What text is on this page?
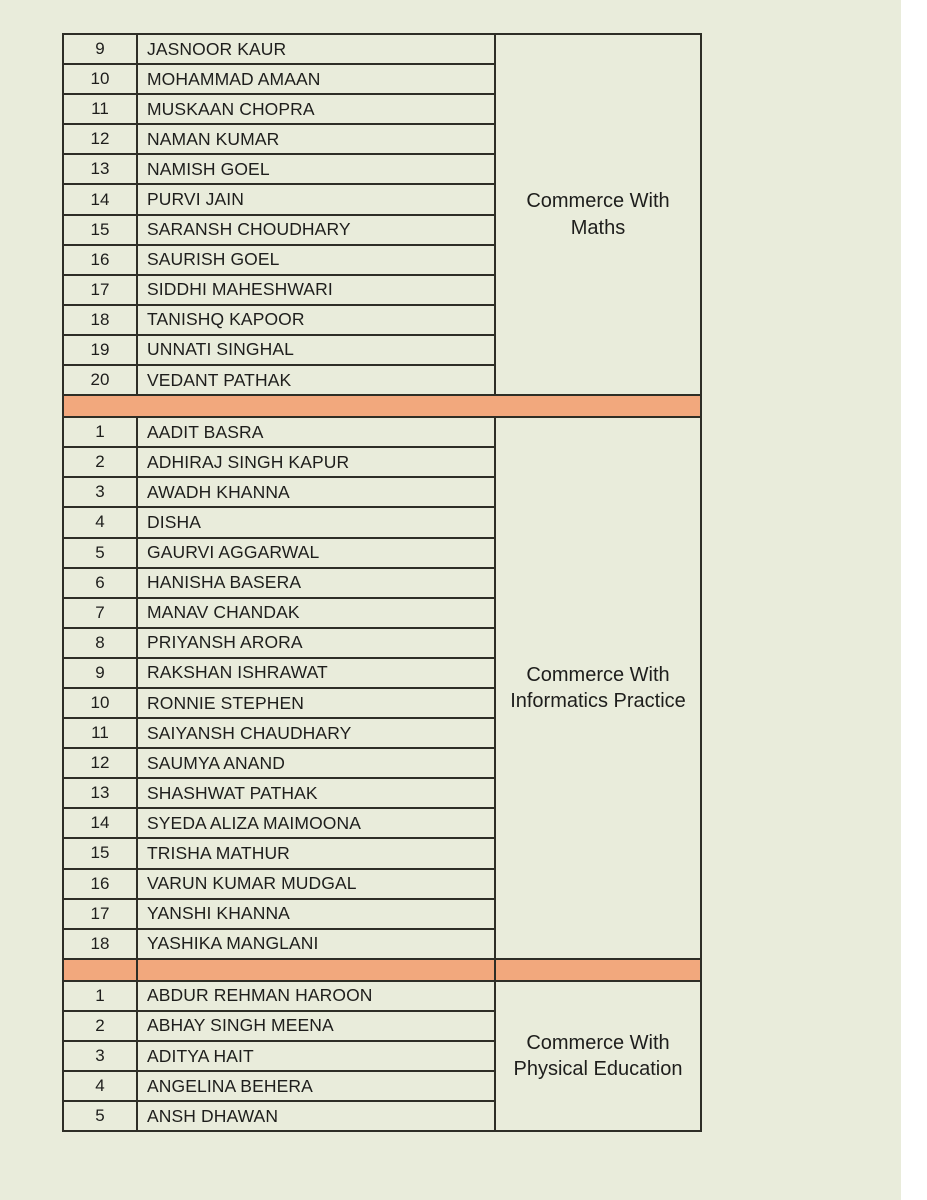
9	JASNOOR KAUR
10	MOHAMMAD AMAAN
11	MUSKAAN CHOPRA
12	NAMAN KUMAR
13	NAMISH GOEL
14	PURVI JAIN
15	SARANSH CHOUDHARY
16	SAURISH GOEL
17	SIDDHI MAHESHWARI
18	TANISHQ KAPOOR
19	UNNATI SINGHAL
20	VEDANT PATHAK
Commerce With Maths
1	AADIT BASRA
2	ADHIRAJ SINGH KAPUR
3	AWADH KHANNA
4	DISHA
5	GAURVI AGGARWAL
6	HANISHA BASERA
7	MANAV CHANDAK
8	PRIYANSH ARORA
9	RAKSHAN ISHRAWAT
10	RONNIE STEPHEN
11	SAIYANSH CHAUDHARY
12	SAUMYA ANAND
13	SHASHWAT PATHAK
14	SYEDA ALIZA MAIMOONA
15	TRISHA MATHUR
16	VARUN KUMAR MUDGAL
17	YANSHI KHANNA
18	YASHIKA MANGLANI
Commerce With Informatics Practice
1	ABDUR REHMAN HAROON
2	ABHAY SINGH MEENA
3	ADITYA HAIT
4	ANGELINA BEHERA
5	ANSH DHAWAN
Commerce With Physical Education
